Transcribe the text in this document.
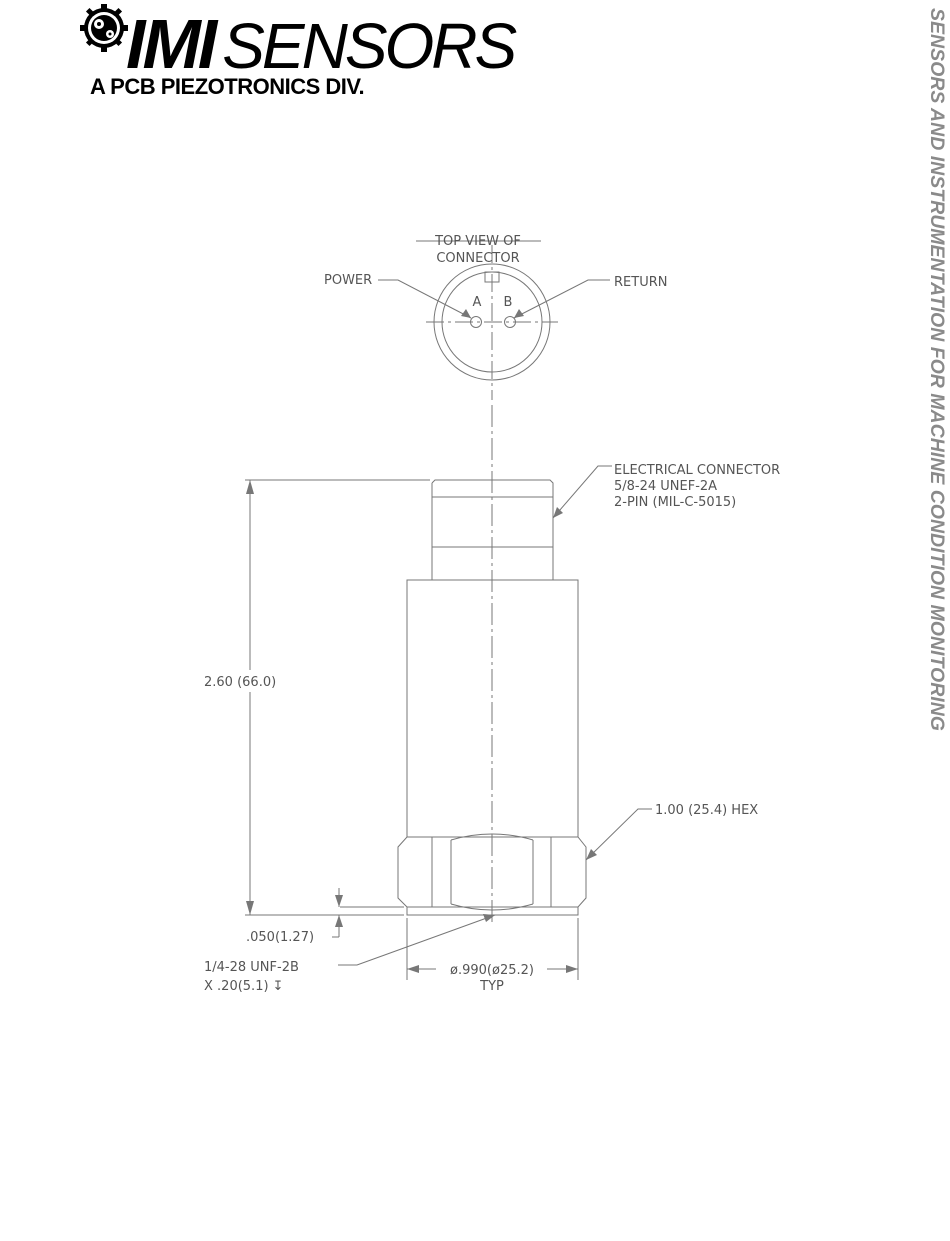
IMI SENSORS
A PCB PIEZOTRONICS DIV.	SENSORS AND INSTRUMENTATION FOR MACHINE CONDITION MONITORING
TOP VIEW OF
CONNECTOR
POWER	RETURN
A B
ELECTRICAL CONNECTOR
5/8-24 UNEF-2A
2-PIN (MIL-C-5015)
2.60 (66.0)
1.00 (25.4) HEX
.050(1.27)
1/4-28 UNF-2B
X .20(5.1) ↧
ø.990(ø25.2)
TYP
